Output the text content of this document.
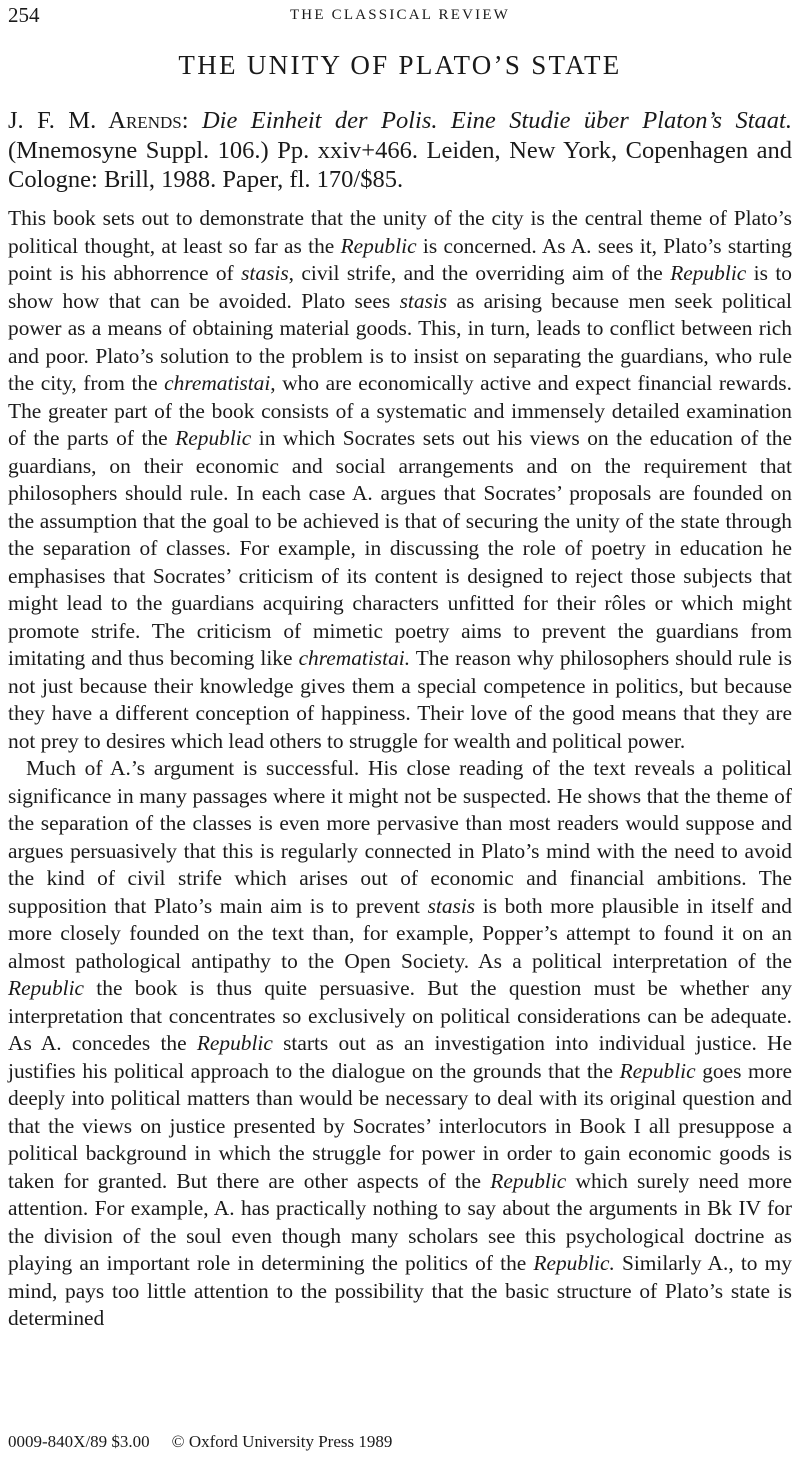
254	THE CLASSICAL REVIEW
THE UNITY OF PLATO’S STATE
J. F. M. Arends: Die Einheit der Polis. Eine Studie über Platon’s Staat. (Mnemosyne Suppl. 106.) Pp. xxiv+466. Leiden, New York, Copenhagen and Cologne: Brill, 1988. Paper, fl. 170/$85.

This book sets out to demonstrate that the unity of the city is the central theme of Plato’s political thought, at least so far as the Republic is concerned. As A. sees it, Plato’s starting point is his abhorrence of stasis, civil strife, and the overriding aim of the Republic is to show how that can be avoided. Plato sees stasis as arising because men seek political power as a means of obtaining material goods. This, in turn, leads to conflict between rich and poor. Plato’s solution to the problem is to insist on separating the guardians, who rule the city, from the chrematistai, who are economically active and expect financial rewards. The greater part of the book consists of a systematic and immensely detailed examination of the parts of the Republic in which Socrates sets out his views on the education of the guardians, on their economic and social arrangements and on the requirement that philosophers should rule. In each case A. argues that Socrates’ proposals are founded on the assumption that the goal to be achieved is that of securing the unity of the state through the separation of classes. For example, in discussing the role of poetry in education he emphasises that Socrates’ criticism of its content is designed to reject those subjects that might lead to the guardians acquiring characters unfitted for their rôles or which might promote strife. The criticism of mimetic poetry aims to prevent the guardians from imitating and thus becoming like chrematistai. The reason why philosophers should rule is not just because their knowledge gives them a special competence in politics, but because they have a different conception of happiness. Their love of the good means that they are not prey to desires which lead others to struggle for wealth and political power.

Much of A.’s argument is successful. His close reading of the text reveals a political significance in many passages where it might not be suspected. He shows that the theme of the separation of the classes is even more pervasive than most readers would suppose and argues persuasively that this is regularly connected in Plato’s mind with the need to avoid the kind of civil strife which arises out of economic and financial ambitions. The supposition that Plato’s main aim is to prevent stasis is both more plausible in itself and more closely founded on the text than, for example, Popper’s attempt to found it on an almost pathological antipathy to the Open Society. As a political interpretation of the Republic the book is thus quite persuasive. But the question must be whether any interpretation that concentrates so exclusively on political considerations can be adequate. As A. concedes the Republic starts out as an investigation into individual justice. He justifies his political approach to the dialogue on the grounds that the Republic goes more deeply into political matters than would be necessary to deal with its original question and that the views on justice presented by Socrates’ interlocutors in Book I all presuppose a political background in which the struggle for power in order to gain economic goods is taken for granted. But there are other aspects of the Republic which surely need more attention. For example, A. has practically nothing to say about the arguments in Bk IV for the division of the soul even though many scholars see this psychological doctrine as playing an important role in determining the politics of the Republic. Similarly A., to my mind, pays too little attention to the possibility that the basic structure of Plato’s state is determined

0009-840X/89 $3.00 © Oxford University Press 1989
